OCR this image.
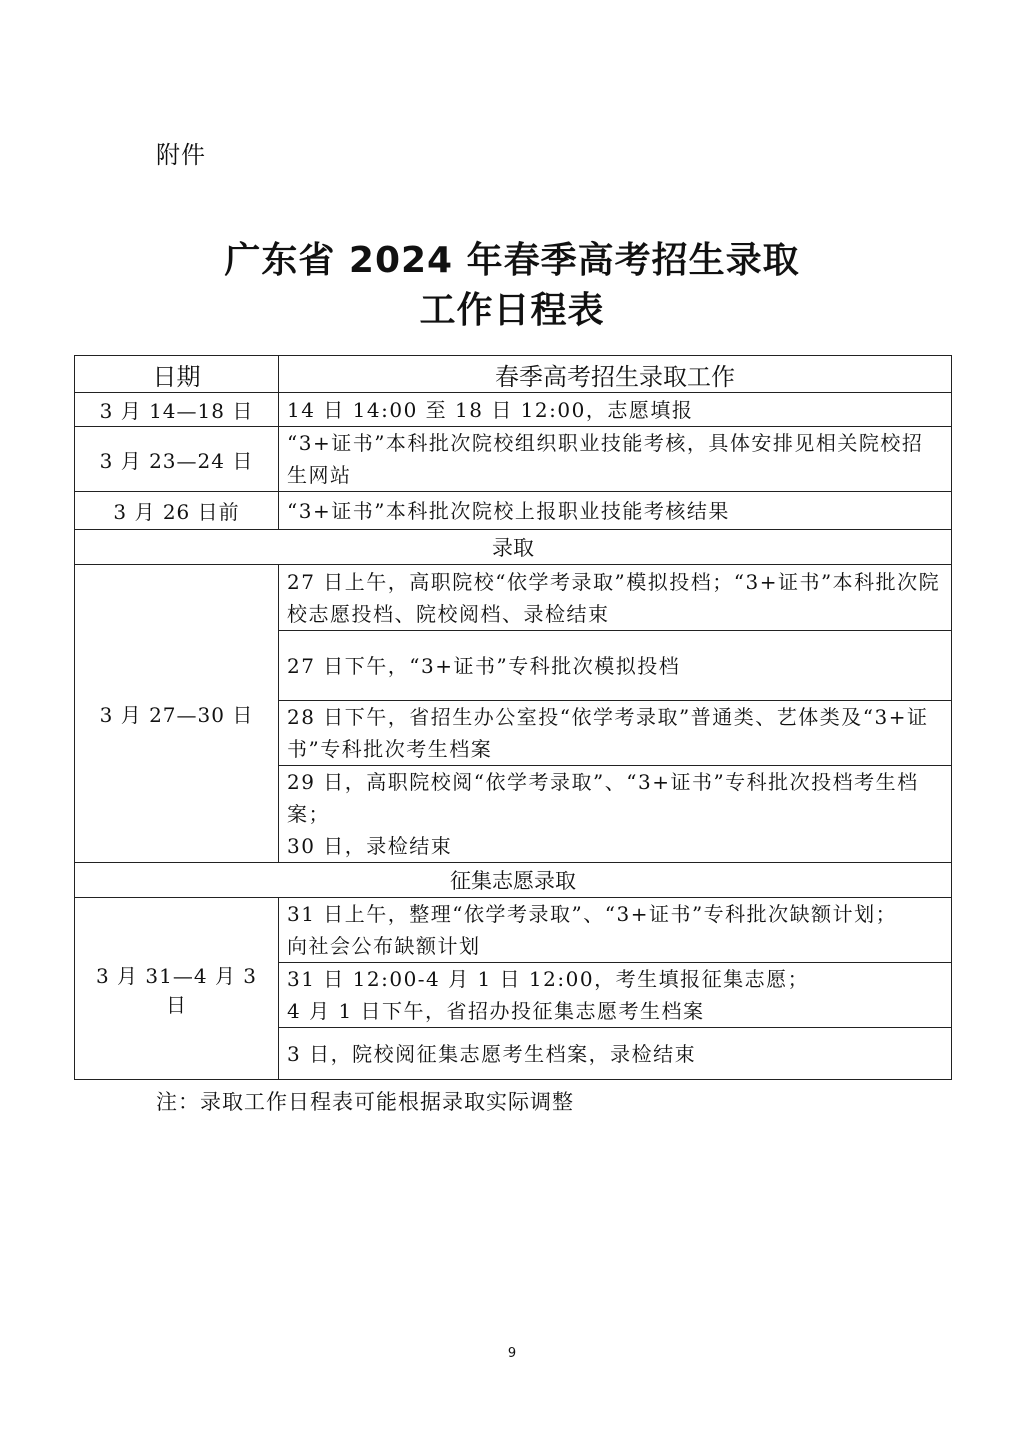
附件
广东省 2024 年春季高考招生录取
工作日程表
日期	春季高考招生录取工作
3 月 14—18 日	14 日 14:00 至 18 日 12:00，志愿填报
3 月 23—24 日	“3+证书”本科批次院校组织职业技能考核，具体安排见相关院校招生网站
3 月 26 日前	“3+证书”本科批次院校上报职业技能考核结果
录取	
3 月 27—30 日	27 日上午，高职院校“依学考录取”模拟投档；“3+证书”本科批次院校志愿投档、院校阅档、录检结束
	27 日下午，“3+证书”专科批次模拟投档
	28 日下午，省招生办公室投“依学考录取”普通类、艺体类及“3+证书”专科批次考生档案

	29 日，高职院校阅“依学考录取”、“3+证书”专科批次投档考生档案；
30 日，录检结束

征集志愿录取	
3 月 31—4 月 3 日	31 日上午，整理“依学考录取”、“3+证书”专科批次缺额计划；
向社会公布缺额计划

	31 日 12:00-4 月 1 日 12:00，考生填报征集志愿；
4 月 1 日下午，省招办投征集志愿考生档案

	3 日，院校阅征集志愿考生档案，录检结束
注：录取工作日程表可能根据录取实际调整
9
